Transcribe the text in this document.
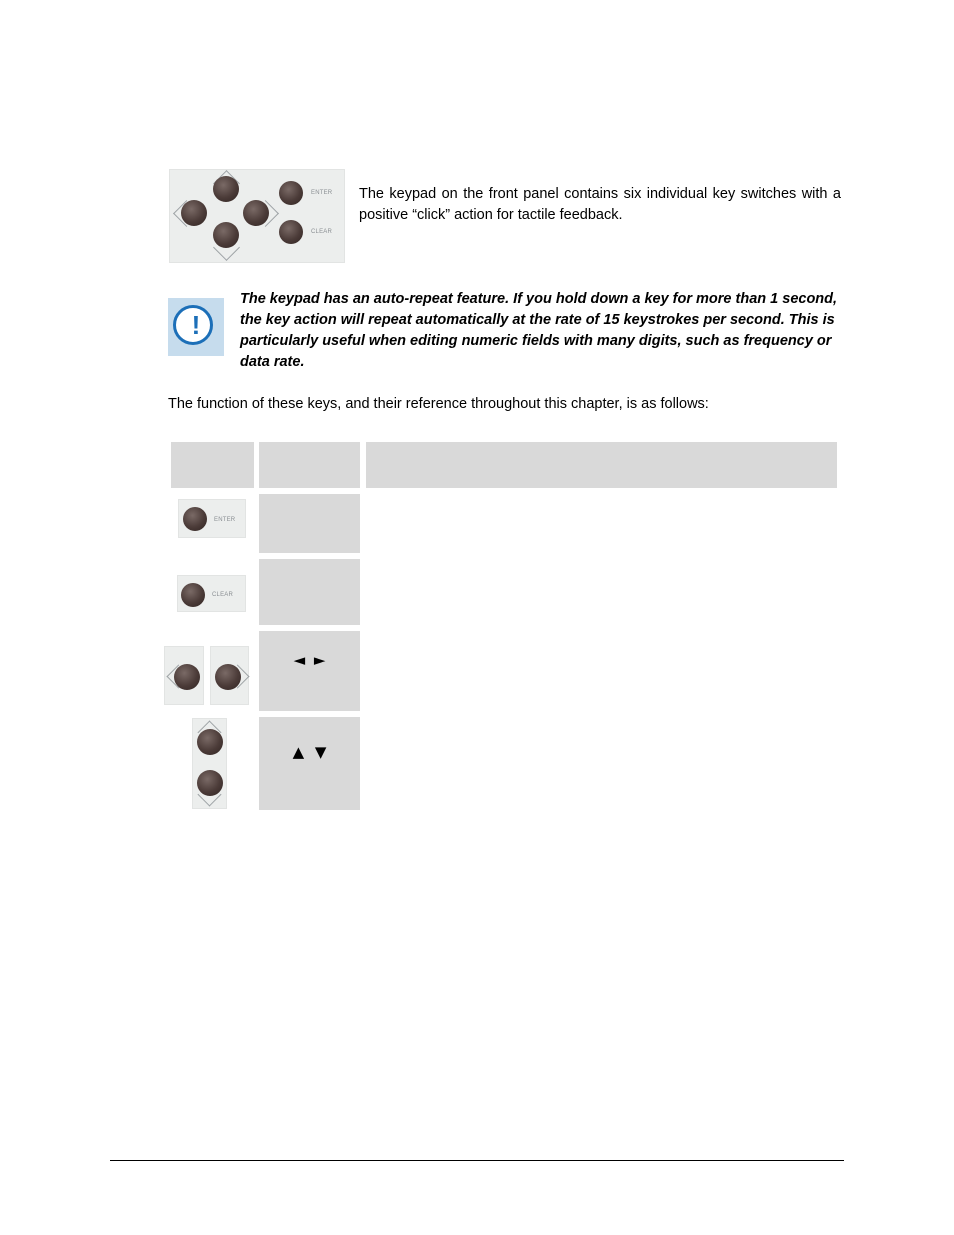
ENTER
CLEAR
The keypad on the front panel contains six individual key switches with a positive “click” action for tactile feedback.
!
The keypad has an auto-repeat feature. If you hold down a key for more than 1 second, the key action will repeat automatically at the rate of 15 keystrokes per second. This is particularly useful when editing numeric fields with many digits, such as frequency or data rate.
The function of these keys, and their reference throughout this chapter, is as follows:
ENTER
CLEAR
◄ ►
▲ ▼
